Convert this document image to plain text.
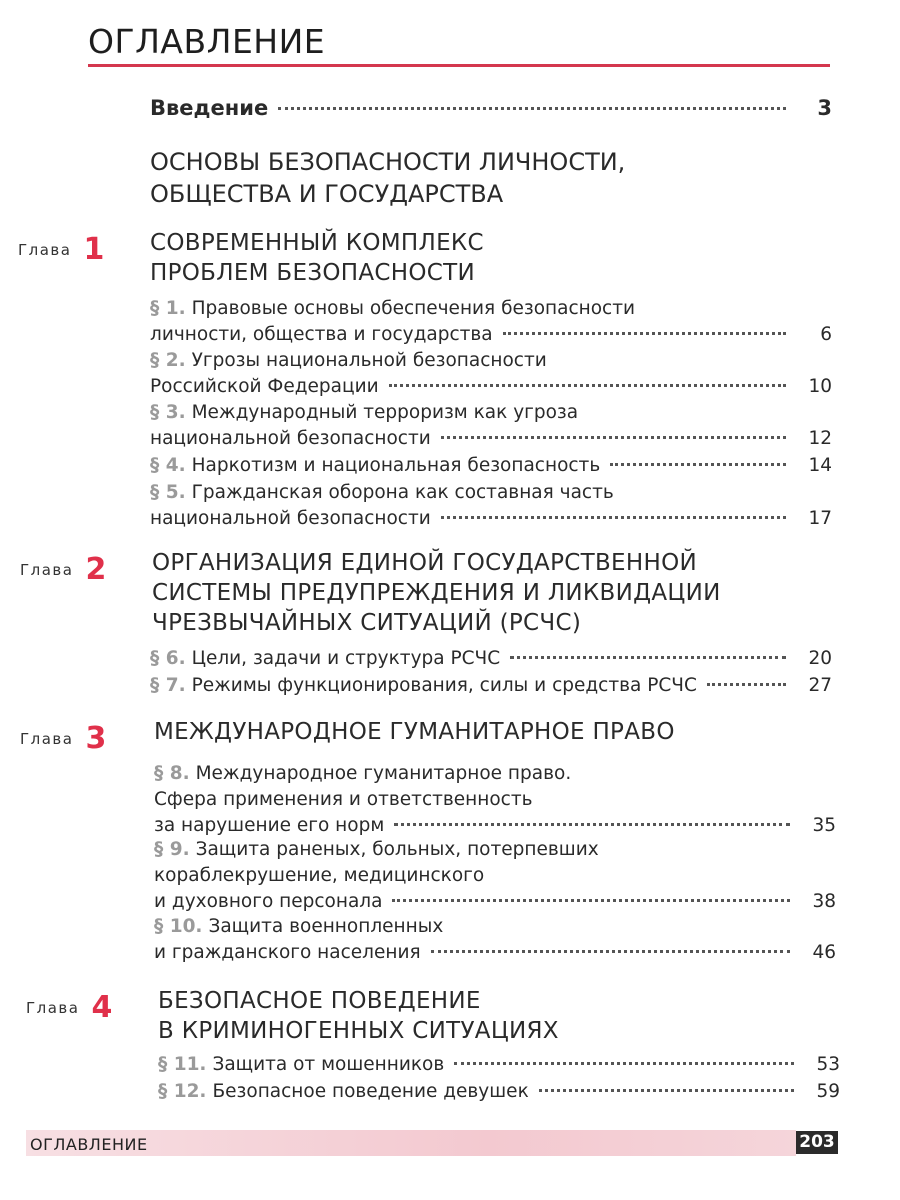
ОГЛАВЛЕНИЕ
Введение	3
ОСНОВЫ БЕЗОПАСНОСТИ ЛИЧНОСТИ,
ОБЩЕСТВА И ГОСУДАРСТВА
Глава 1 СОВРЕМЕННЫЙ КОМПЛЕКС
ПРОБЛЕМ БЕЗОПАСНОСТИ
§ 1. Правовые основы обеспечения безопасности
личности, общества и государства	6
§ 2. Угрозы национальной безопасности
Российской Федерации	10
§ 3. Международный терроризм как угроза
национальной безопасности	12
§ 4. Наркотизм и национальная безопасность	14
§ 5. Гражданская оборона как составная часть
национальной безопасности	17
Глава 2 ОРГАНИЗАЦИЯ ЕДИНОЙ ГОСУДАРСТВЕННОЙ
СИСТЕМЫ ПРЕДУПРЕЖДЕНИЯ И ЛИКВИДАЦИИ
ЧРЕЗВЫЧАЙНЫХ СИТУАЦИЙ (РСЧС)
§ 6. Цели, задачи и структура РСЧС	20
§ 7. Режимы функционирования, силы и средства РСЧС	27
Глава 3 МЕЖДУНАРОДНОЕ ГУМАНИТАРНОЕ ПРАВО
§ 8. Международное гуманитарное право.
Сфера применения и ответственность
за нарушение его норм	35
§ 9. Защита раненых, больных, потерпевших
кораблекрушение, медицинского
и духовного персонала	38
§ 10. Защита военнопленных
и гражданского населения	46
Глава 4 БЕЗОПАСНОЕ ПОВЕДЕНИЕ
В КРИМИНОГЕННЫХ СИТУАЦИЯХ
§ 11. Защита от мошенников	53
§ 12. Безопасное поведение девушек	59
ОГЛАВЛЕНИЕ	203
